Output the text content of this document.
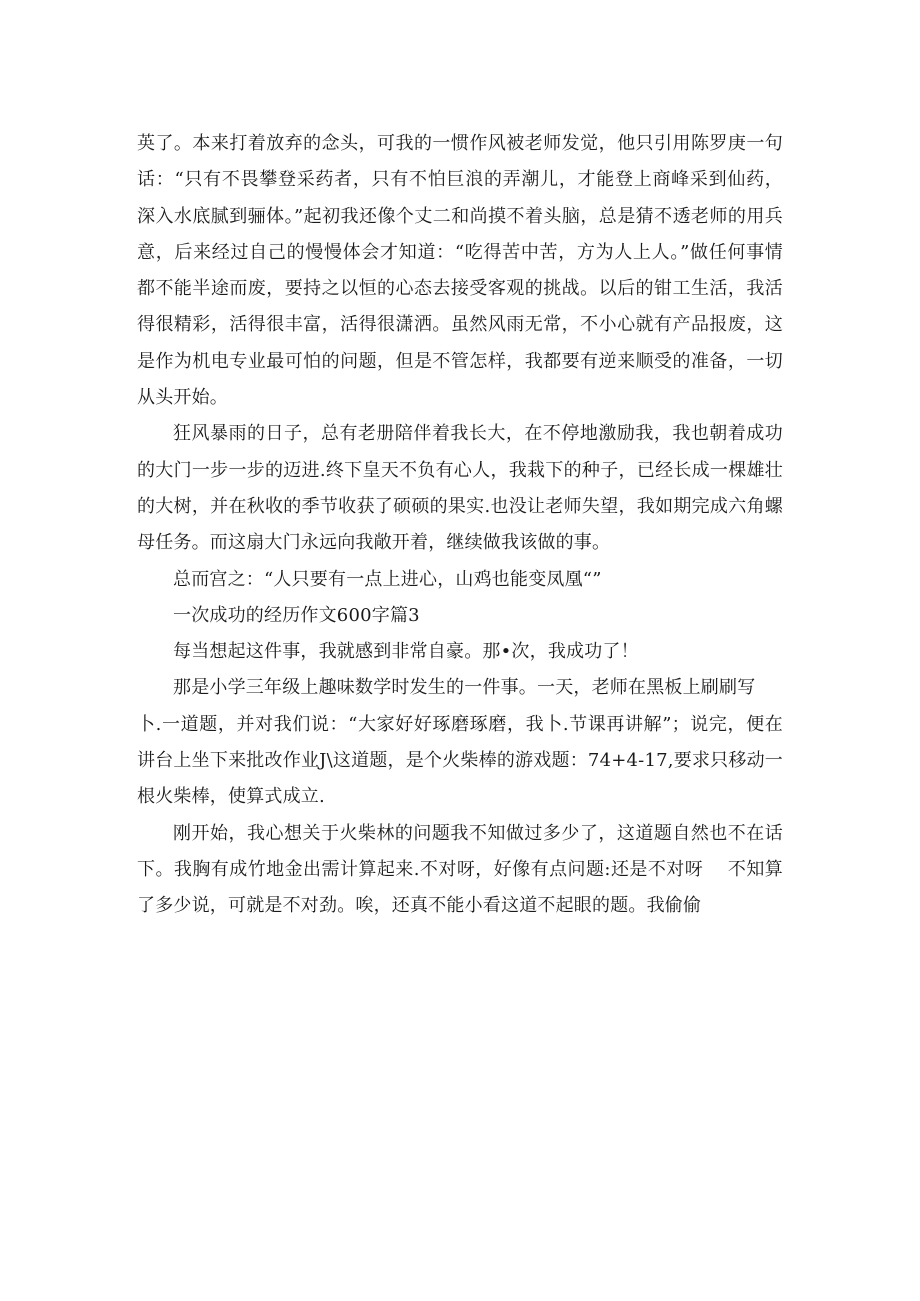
英了。本来打着放弃的念头，可我的一惯作风被老师发觉，他只引用陈罗庚一句话：“只有不畏攀登采药者，只有不怕巨浪的弄潮儿，才能登上商峰采到仙药，深入水底腻到骊体。”起初我还像个丈二和尚摸不着头脑，总是猜不透老师的用兵意，后来经过自己的慢慢体会才知道：“吃得苦中苦，方为人上人。”做任何事情都不能半途而废，要持之以恒的心态去接受客观的挑战。以后的钳工生活，我活得很精彩，活得很丰富，活得很潇洒。虽然风雨无常，不小心就有产品报废，这是作为机电专业最可怕的问题，但是不管怎样，我都要有逆来顺受的准备，一切从头开始。

狂风暴雨的日子，总有老册陪伴着我长大，在不停地激励我，我也朝着成功的大门一步一步的迈进.终下皇天不负有心人，我栽下的种子，已经长成一棵雄壮的大树，并在秋收的季节收获了硕硕的果实.也没让老师失望，我如期完成六角螺母任务。而这扇大门永远向我敞开着，继续做我该做的事。

总而宫之：“人只要有一点上进心，山鸡也能变凤凰“”

一次成功的经历作文600字篇3

每当想起这件事，我就感到非常自豪。那•次，我成功了！

那是小学三年级上趣味数学时发生的一件事。一天，老师在黑板上刷刷写

卜.一道题，并对我们说：“大家好好琢磨琢磨，我卜.节课再讲解”；说完，便在讲台上坐下来批改作业J\这道题，是个火柴棒的游戏题：74+4-17,要求只移动一根火柴棒，使算式成立.

刚开始，我心想关于火柴林的问题我不知做过多少了，这道题自然也不在话下。我胸有成竹地金出需计算起来.不对呀，好像有点问题:还是不对呀    不知算了多少说，可就是不对劲。唉，还真不能小看这道不起眼的题。我偷偷
